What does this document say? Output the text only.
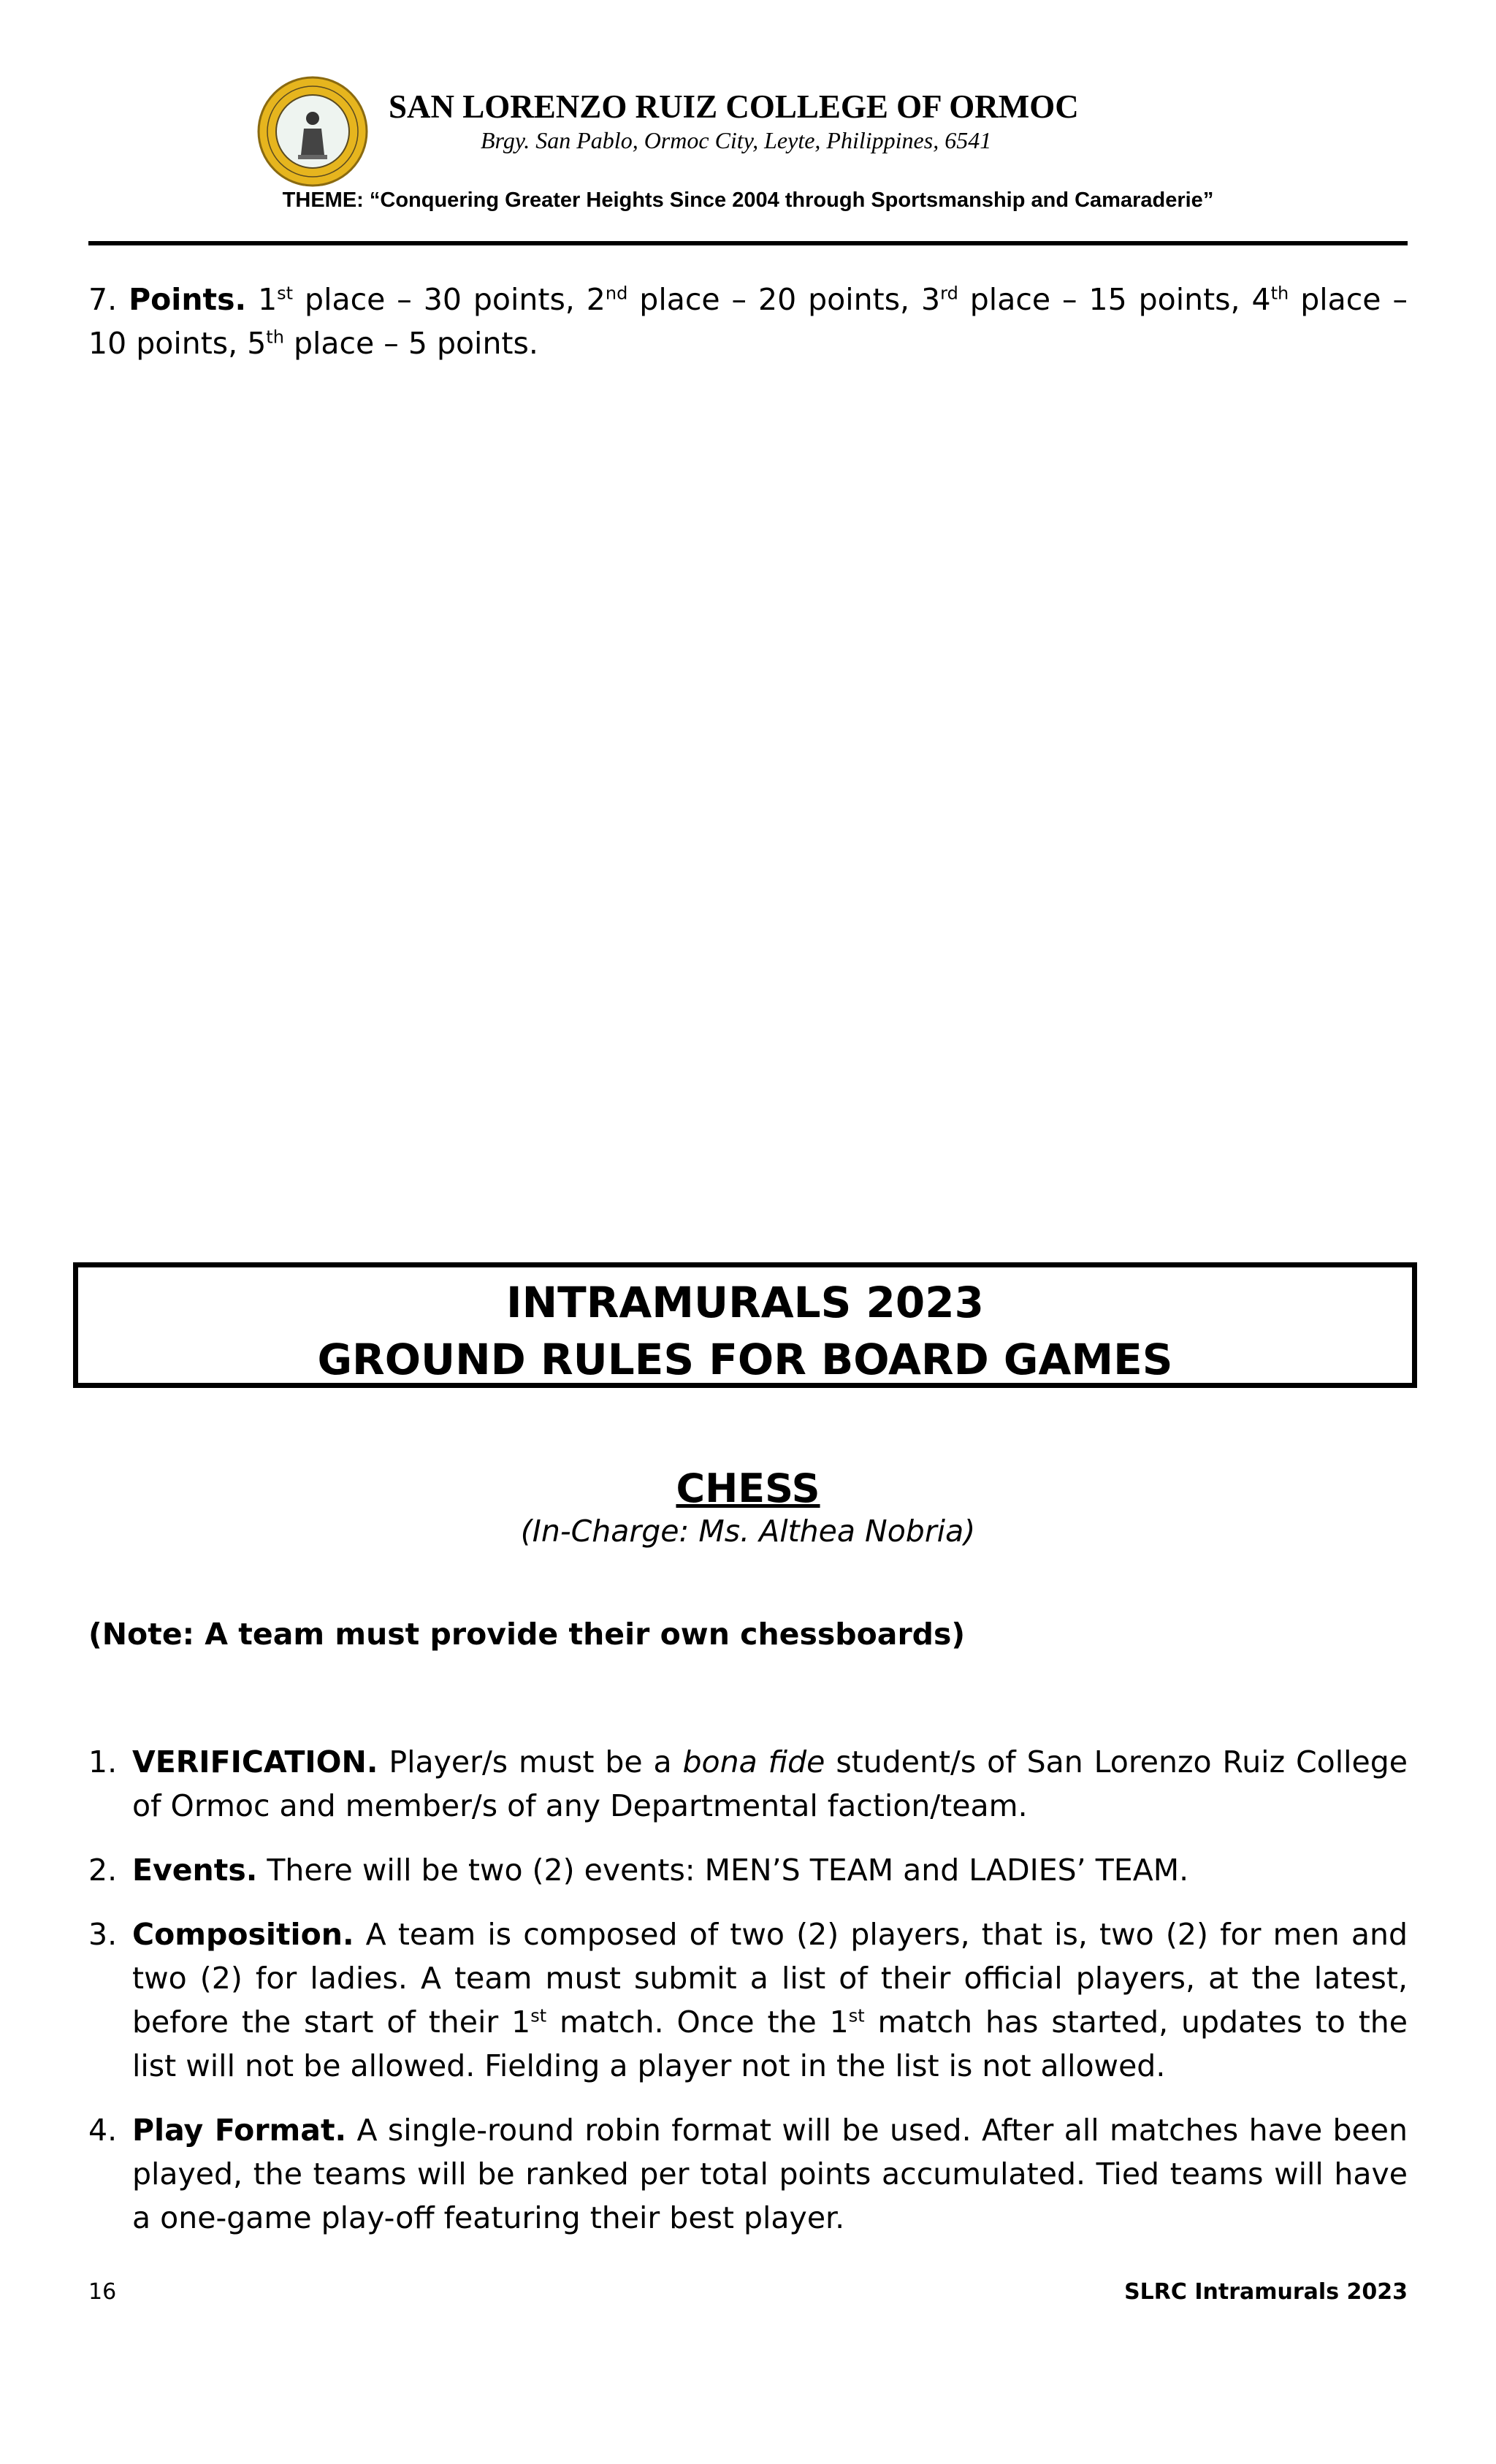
SAN LORENZO RUIZ COLLEGE OF ORMOC
Brgy. San Pablo, Ormoc City, Leyte, Philippines, 6541
THEME: “Conquering Greater Heights Since 2004 through Sportsmanship and Camaraderie”
7. Points. 1st place – 30 points, 2nd place – 20 points, 3rd place – 15 points, 4th place – 10 points, 5th place – 5 points.
INTRAMURALS 2023
GROUND RULES FOR BOARD GAMES
CHESS
(In-Charge: Ms. Althea Nobria)
(Note: A team must provide their own chessboards)
1. VERIFICATION. Player/s must be a bona fide student/s of San Lorenzo Ruiz College of Ormoc and member/s of any Departmental faction/team.
2. Events. There will be two (2) events: MEN’S TEAM and LADIES’ TEAM.
3. Composition. A team is composed of two (2) players, that is, two (2) for men and two (2) for ladies. A team must submit a list of their official players, at the latest, before the start of their 1st match. Once the 1st match has started, updates to the list will not be allowed. Fielding a player not in the list is not allowed.
4. Play Format. A single-round robin format will be used. After all matches have been played, the teams will be ranked per total points accumulated. Tied teams will have a one-game play-off featuring their best player.
16	SLRC Intramurals 2023
